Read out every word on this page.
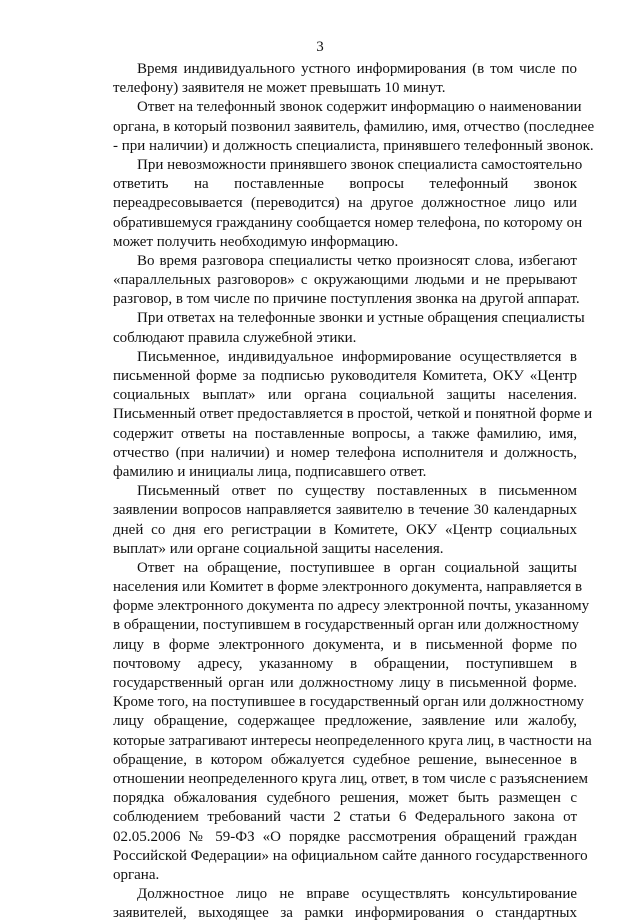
3
Время индивидуального устного информирования (в том числе по
телефону) заявителя не может превышать 10 минут.
Ответ на телефонный звонок содержит информацию о наименовании
органа, в который позвонил заявитель, фамилию, имя, отчество (последнее
- при наличии) и должность специалиста, принявшего телефонный звонок.
При невозможности принявшего звонок специалиста самостоятельно
ответить на поставленные вопросы телефонный звонок
переадресовывается (переводится) на другое должностное лицо или
обратившемуся гражданину сообщается номер телефона, по которому он
может получить необходимую информацию.
Во время разговора специалисты четко произносят слова, избегают
«параллельных разговоров» с окружающими людьми и не прерывают
разговор, в том числе по причине поступления звонка на другой аппарат.
При ответах на телефонные звонки и устные обращения специалисты
соблюдают правила служебной этики.
Письменное, индивидуальное информирование осуществляется в
письменной форме за подписью руководителя Комитета, ОКУ «Центр
социальных выплат» или органа социальной защиты населения.
Письменный ответ предоставляется в простой, четкой и понятной форме и
содержит ответы на поставленные вопросы, а также фамилию, имя,
отчество (при наличии) и номер телефона исполнителя и должность,
фамилию и инициалы лица, подписавшего ответ.
Письменный ответ по существу поставленных в письменном
заявлении вопросов направляется заявителю в течение 30 календарных
дней со дня его регистрации в Комитете, ОКУ «Центр социальных
выплат» или органе социальной защиты населения.
Ответ на обращение, поступившее в орган социальной защиты
населения или Комитет в форме электронного документа, направляется в
форме электронного документа по адресу электронной почты, указанному
в обращении, поступившем в государственный орган или должностному
лицу в форме электронного документа, и в письменной форме по
почтовому адресу, указанному в обращении, поступившем в
государственный орган или должностному лицу в письменной форме.
Кроме того, на поступившее в государственный орган или должностному
лицу обращение, содержащее предложение, заявление или жалобу,
которые затрагивают интересы неопределенного круга лиц, в частности на
обращение, в котором обжалуется судебное решение, вынесенное в
отношении неопределенного круга лиц, ответ, в том числе с разъяснением
порядка обжалования судебного решения, может быть размещен с
соблюдением требований части 2 статьи 6 Федерального закона от
02.05.2006 № 59-ФЗ «О порядке рассмотрения обращений граждан
Российской Федерации» на официальном сайте данного государственного
органа.
Должностное лицо не вправе осуществлять консультирование
заявителей, выходящее за рамки информирования о стандартных
